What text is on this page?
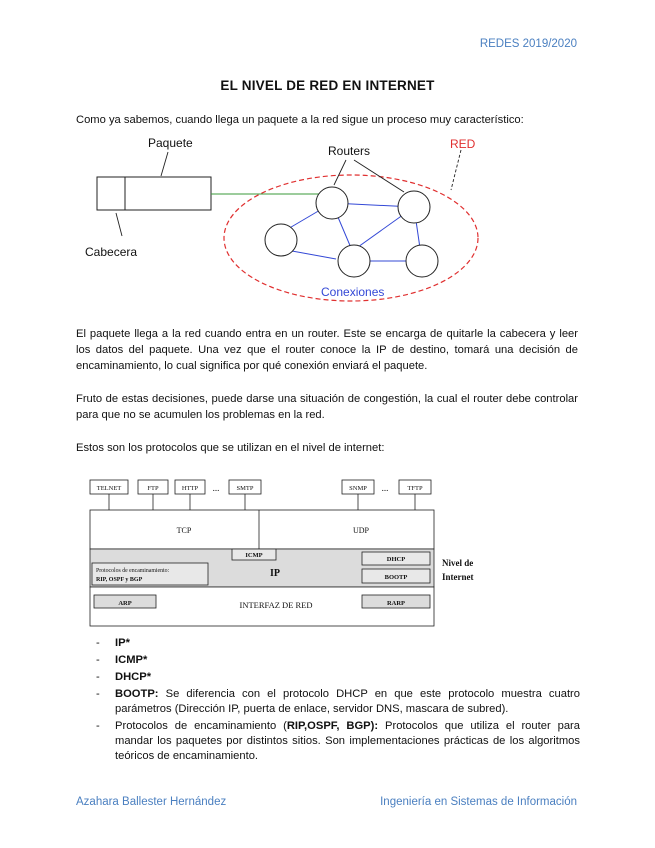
REDES 2019/2020
EL NIVEL DE RED EN INTERNET
Como ya sabemos, cuando llega un paquete a la red sigue un proceso muy característico:
Paquete
Cabecera
Routers	RED
Conexiones
El paquete llega a la red cuando entra en un router. Este se encarga de quitarle la cabecera y leer los datos del paquete. Una vez que el router conoce la IP de destino, tomará una decisión de encaminamiento, lo cual significa por qué conexión enviará el paquete.
Fruto de estas decisiones, puede darse una situación de congestión, la cual el router debe controlar para que no se acumulen los problemas en la red.
Estos son los protocolos que se utilizan en el nivel de internet:
TELNET	FTP	HTTP ...	SMTP	SNMP ...	TFTP
TCP	UDP
ICMP
IP
Protocolos de encaminamiento:
RIP, OSPF y BGP
DHCP
BOOTP
ARP	INTERFAZ DE RED	RARP
Nivel de
Internet
- IP*
- ICMP*
- DHCP*
- BOOTP: Se diferencia con el protocolo DHCP en que este protocolo muestra cuatro parámetros (Dirección IP, puerta de enlace, servidor DNS, mascara de subred).
- Protocolos de encaminamiento (RIP,OSPF, BGP): Protocolos que utiliza el router para mandar los paquetes por distintos sitios. Son implementaciones prácticas de los algoritmos teóricos de encaminamiento.
Azahara Ballester Hernández	Ingeniería en Sistemas de Información
